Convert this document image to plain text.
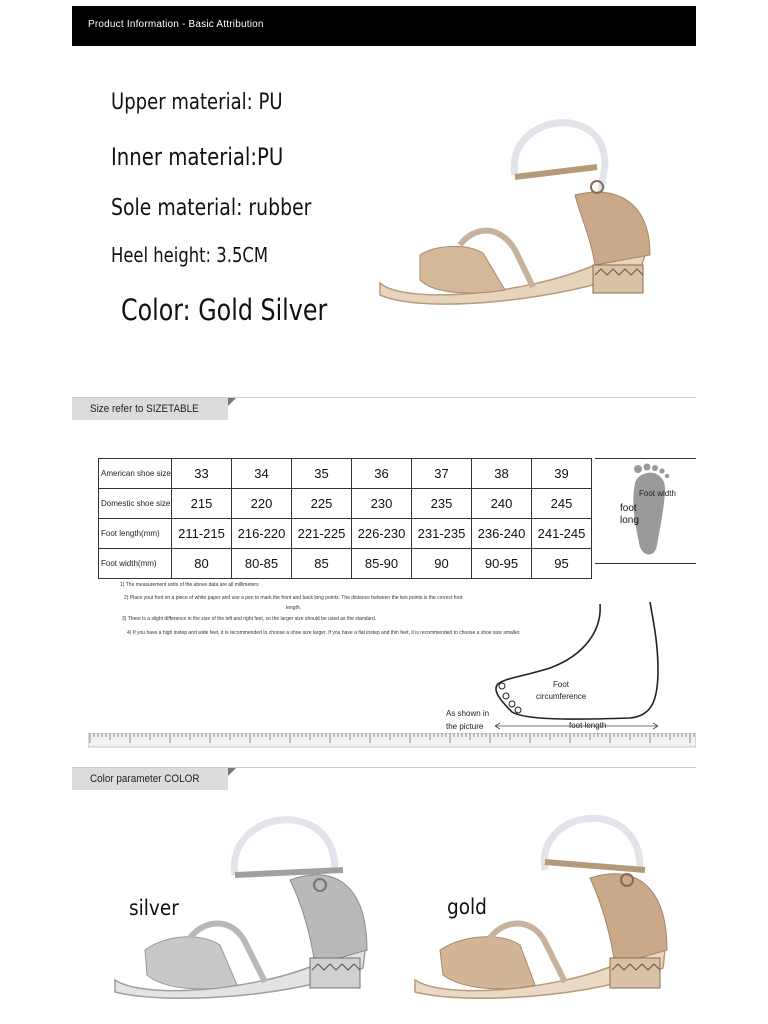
Product Information - Basic Attribution
Upper material: PU
Inner material:PU
Sole material: rubber
Heel height: 3.5CM
Color: Gold Silver
Size refer to SIZETABLE
American shoe size	33	34	35	36	37	38	39
Domestic shoe size	215	220	225	230	235	240	245
Foot length(mm)	211-215	216-220	221-225	226-230	231-235	236-240	241-245
Foot width(mm)	80	80-85	85	85-90	90	90-95	95
Foot width
foot long
1) The measurement units of the above data are all millimeters
2) Place your foot on a piece of white paper and use a pen to mark the front and back long points. The distance between the two points is the correct foot
length.
3) There is a slight difference in the size of the left and right feet, so the larger size should be used as the standard.
4) If you have a high instep and wide feet, it is recommended to choose a shoe size larger. If you have a flat instep and thin feet, it is recommended to choose a shoe size smaller.
Foot circumference
As shown in the picture	foot length
Color parameter COLOR
silver	gold
